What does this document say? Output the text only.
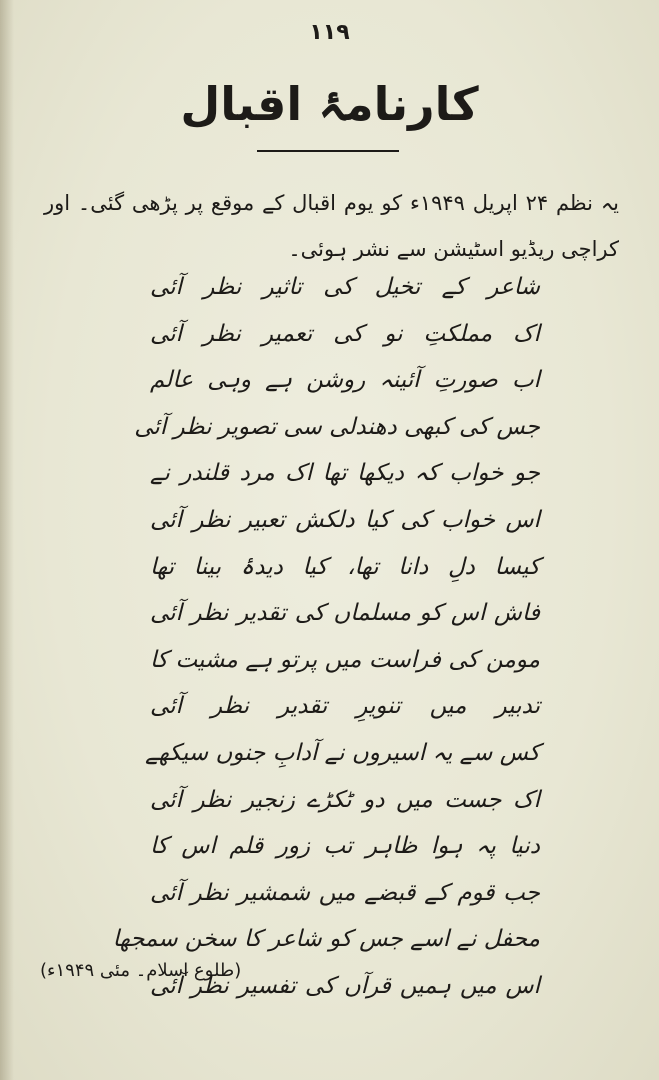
۱۱۹
کارنامۂ اقبال
یہ نظم ۲۴ اپریل ۱۹۴۹ء کو یوم اقبال کے موقع پر پڑھی گئی۔ اور کراچی ریڈیو اسٹیشن سے نشر ہوئی۔
شاعر کے تخیل کی تاثیر نظر آئی
اک مملکتِ نو کی تعمیر نظر آئی
اب صورتِ آئینہ روشن ہے وہی عالم
جس کی کبھی دھندلی سی تصویر نظر آئی
جو خواب کہ دیکھا تھا اک مرد قلندر نے
اس خواب کی کیا دلکش تعبیر نظر آئی
کیسا دلِ دانا تھا، کیا دیدۂ بینا تھا
فاش اس کو مسلماں کی تقدیر نظر آئی
مومن کی فراست میں پرتو ہے مشیت کا
تدبیر میں تنویرِ تقدیر نظر آئی
کس سے یہ اسیروں نے آدابِ جنوں سیکھے
اک جست میں دو ٹکڑے زنجیر نظر آئی
دنیا پہ ہوا ظاہر تب زور قلم اس کا
جب قوم کے قبضے میں شمشیر نظر آئی
محفل نے اسے جس کو شاعر کا سخن سمجھا
اس میں ہمیں قرآں کی تفسیر نظر آئی
(طلوع اسلام۔ مئی ۱۹۴۹ء)
